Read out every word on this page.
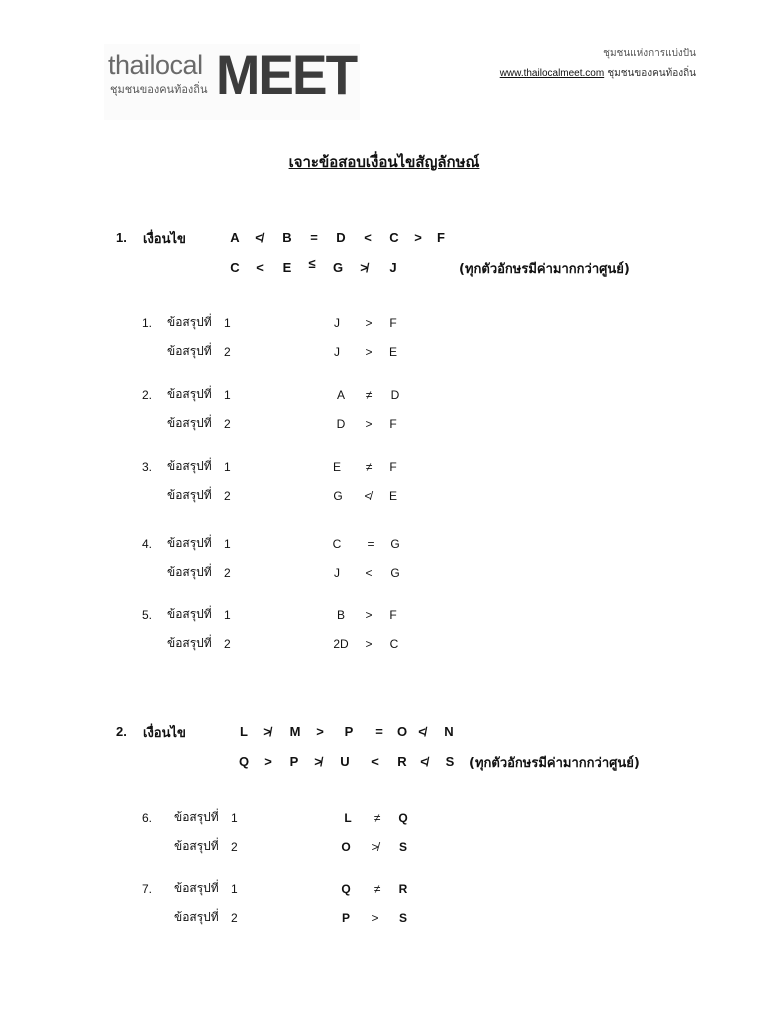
thailocal MEET
ชุมชนของคนท้องถิ่น
ชุมชนแห่งการแบ่งปัน
www.thailocalmeet.com ชุมชนของคนท้องถิ่น
เจาะข้อสอบเงื่อนไขสัญลักษณ์
1. เงื่อนไข	A ≮ B = D < C > F
C < E ≤ G ≯ J	(ทุกตัวอักษรมีค่ามากกว่าศูนย์)
1. ข้อสรุปที่ 1	J > F
ข้อสรุปที่ 2	J > E
2. ข้อสรุปที่ 1	A ≠ D
ข้อสรุปที่ 2	D > F
3. ข้อสรุปที่ 1	E ≠ F
ข้อสรุปที่ 2	G ≮ E
4. ข้อสรุปที่ 1	C = G
ข้อสรุปที่ 2	J < G
5. ข้อสรุปที่ 1	B > F
ข้อสรุปที่ 2	2D > C
2. เงื่อนไข	L ≯ M > P = O ≮ N
Q > P ≯ U < R ≮ S (ทุกตัวอักษรมีค่ามากกว่าศูนย์)
6. ข้อสรุปที่ 1	L ≠ Q
ข้อสรุปที่ 2	O ≯ S
7. ข้อสรุปที่ 1	Q ≠ R
ข้อสรุปที่ 2	P > S
